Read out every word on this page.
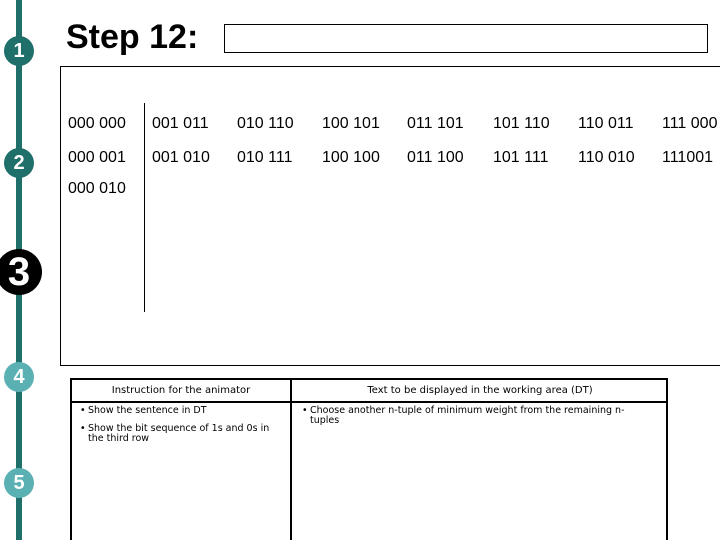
1
2
3
4
5
Step 12:
000 000 001 011 010 110 100 101 011 101 101 110 110 011 111 000
000 001 001 010 010 111 100 100 011 100 101 111 110 010 111001
000 010
Instruction for the animator	Text to be displayed in the working area (DT)
• Show the sentence in DT
• Show the bit sequence of 1s and 0s in the third row
• Choose another n-tuple of minimum weight from the remaining n-tuples
